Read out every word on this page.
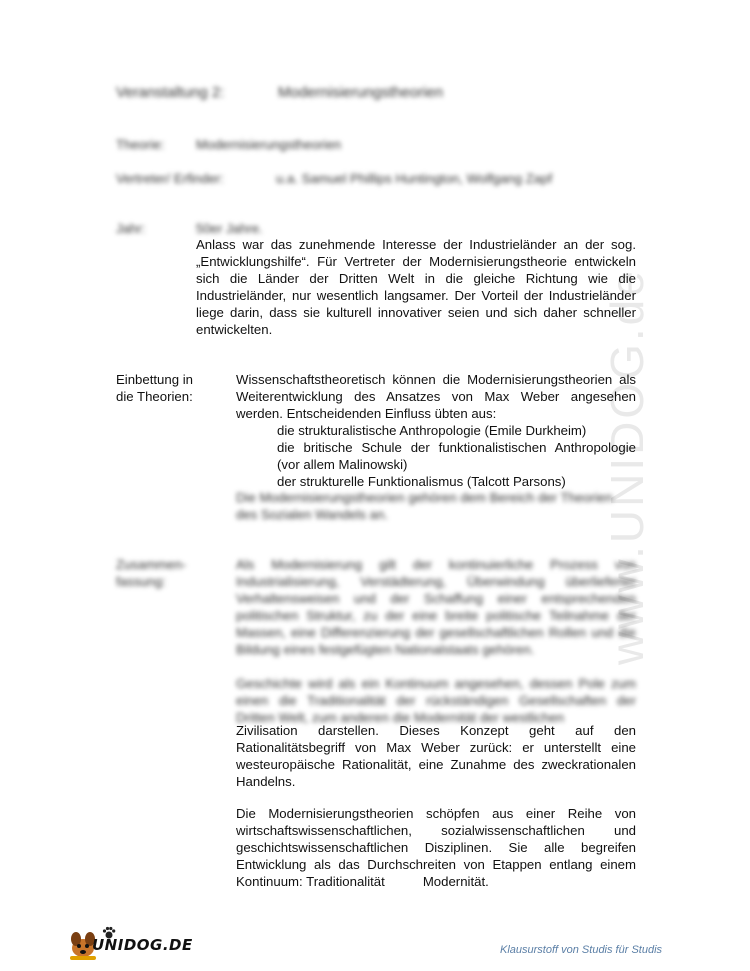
www.UNIDOG.de
Veranstaltung 2:	Modernisierungstheorien
Theorie: Modernisierungstheorien
Vertreter/ Erfinder:	u.a. Samuel Phillips Huntington, Wolfgang Zapf
Jahr:	50er Jahre.

Anlass war das zunehmende Interesse der Industrieländer an der sog. „Entwicklungshilfe“. Für Vertreter der Modernisierungstheorie entwickeln sich die Länder der Dritten Welt in die gleiche Richtung wie die Industrieländer, nur wesentlich langsamer. Der Vorteil der Industrieländer liege darin, dass sie kulturell innovativer seien und sich daher schneller entwickelten.

Einbettung in
die Theorien:

Wissenschaftstheoretisch können die Modernisierungstheorien als Weiterentwicklung des Ansatzes von Max Weber angesehen werden. Entscheidenden Einfluss übten aus:

die strukturalistische Anthropologie (Emile Durkheim)

die britische Schule der funktionalistischen Anthropologie (vor allem Malinowski)

der strukturelle Funktionalismus (Talcott Parsons)

Die Modernisierungstheorien gehören dem Bereich der Theorien
des Sozialen Wandels an.
Zusammen-
fassung:

Als Modernisierung gilt der kontinuierliche Prozess von Industrialisierung, Verstädterung, Überwindung überlieferter Verhaltensweisen und der Schaffung einer entsprechenden politischen Struktur, zu der eine breite politische Teilnahme der Massen, eine Differenzierung der gesellschaftlichen Rollen und die Bildung eines festgefügten Nationalstaats gehören.

Geschichte wird als ein Kontinuum angesehen, dessen Pole zum einen die Traditionalität der rückständigen Gesellschaften der Dritten Welt, zum anderen die Modernität der westlichen

Zivilisation darstellen. Dieses Konzept geht auf den

Rationalitätsbegriff von Max Weber zurück: er unterstellt eine westeuropäische Rationalität, eine Zunahme des zweckrationalen Handelns.

Die Modernisierungstheorien schöpfen aus einer Reihe von wirtschaftswissenschaftlichen, sozialwissenschaftlichen und geschichtswissenschaftlichen Disziplinen. Sie alle begreifen Entwicklung als das Durchschreiten von Etappen entlang einem Kontinuum: Traditionalität	Modernität.

UNIDOG.DE	Klausurstoff von Studis für Studis
